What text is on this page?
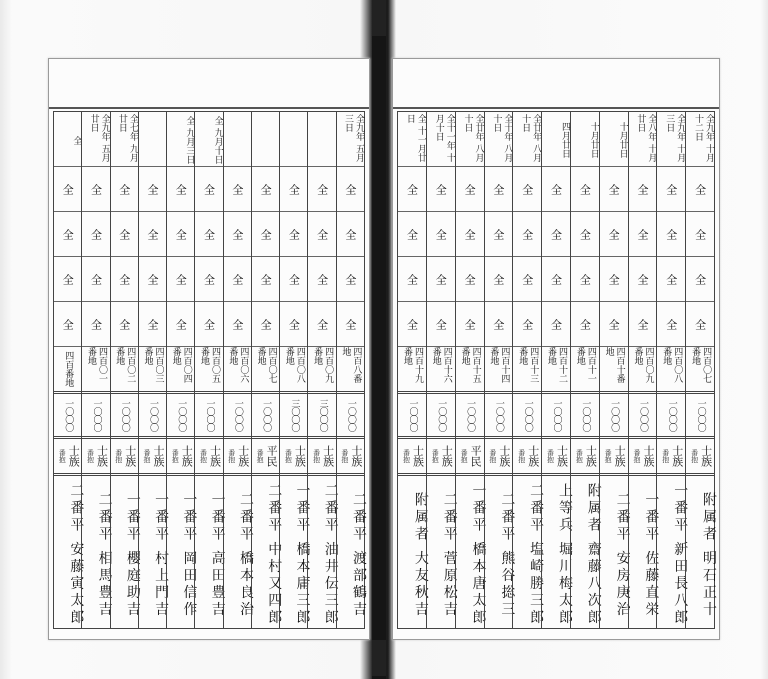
全九年 五月三日
全
全
全
全
四百八番地
一〇〇〇
番抱 士族
二番平 渡部鶴吉
全
全
全
全
四百〇九番地
三〇〇〇
番抱 士族
二番平 油井伝三郎
全
全
全
全
四百〇八番地
三〇〇〇
番抱 士族
一番平 橋本庸三郎
全
全
全
全
四百〇七番地
一〇〇〇
番抱 平民
二番平 中村又四郎
全
全
全
全
四百〇六番地
一〇〇〇
番抱 士族
二番平 橋本良治
全 九月十日
全
全
全
全
四百〇五番地
一〇〇〇
番抱 士族
一番平 高田豊吉
全 九月三日
全
全
全
全
四百〇四番地
一〇〇〇
番抱 士族
一番平 岡田信作
全
全
全
全
四百〇三番地
一〇〇〇
番抱 士族
一番平 村上門吉
全七年 九月廿日
全
全
全
全
四百〇二番地
一〇〇〇
番抱 士族
一番平 櫻庭助吉
全九年 五月廿日
全
全
全
全
四百〇一番地
一〇〇〇
番抱 士族
二番平 相馬豊吉
全
全
全
全
全
四百番地
一〇〇〇
番抱 士族
二番平 安藤寅太郎
全九年 十月十二日
全
全
全
全
四百〇七番地
一〇〇〇
番抱 士族
附属者 明石正十
全九年 十月三日
全
全
全
全
四百〇八番地
一〇〇〇
番抱 士族
一番平 新田長八郎
全八年 十月廿日
全
全
全
全
四百〇九番地
一〇〇〇
番抱 士族
一番平 佐藤直栄
十月廿日
全
全
全
全
四百十番地
一〇〇〇
番抱 士族
二番平 安房庚治
十月廿日
全
全
全
全
四百十一番地
一〇〇〇
番抱 士族
附属者 齋藤八次郎
四月廿日
全
全
全
全
四百十二番地
一〇〇〇
番抱 士族
上等兵 堀川梅太郎
全廿年 八月十日
全
全
全
全
四百十三番地
一〇〇〇
番抱 士族
二番平 塩崎勝三郎
全十年 八月十日
全
全
全
全
四百十四番地
一〇〇〇
番抱 士族
二番平 熊谷捴三
全廿年 八月十日
全
全
全
全
四百十五番地
一〇〇〇
番抱 平民
一番平 橋本唐太郎
全十一年 十月十日
全
全
全
全
四百十六番地
一〇〇〇
番抱 士族
二番平 菅原松吉
全 十一月廿日
全
全
全
全
四百十九番地
一〇〇〇
番抱 士族
附属者 大友秋吉
